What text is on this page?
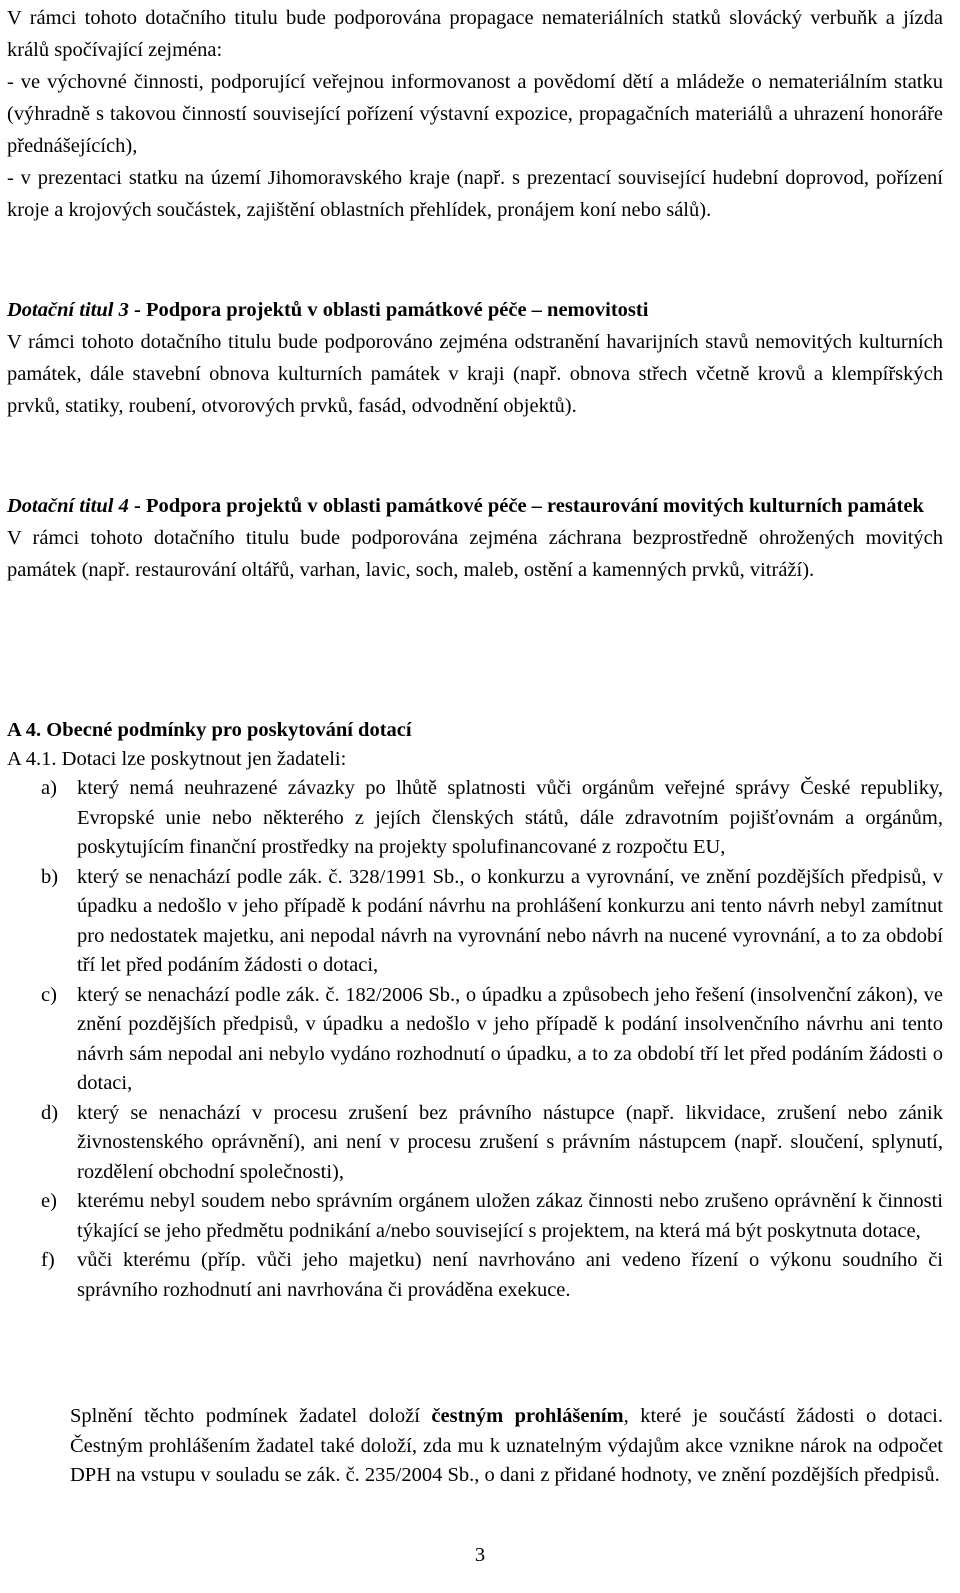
V rámci tohoto dotačního titulu bude podporována propagace nemateriálních statků slovácký verbuňk a jízda králů spočívající zejména:

- ve výchovné činnosti, podporující veřejnou informovanost a povědomí dětí a mládeže o nemateriálním statku (výhradně s takovou činností související pořízení výstavní expozice, propagačních materiálů a uhrazení honoráře přednášejících),

- v prezentaci statku na území Jihomoravského kraje (např. s prezentací související hudební doprovod, pořízení kroje a krojových součástek, zajištění oblastních přehlídek, pronájem koní nebo sálů).

Dotační titul 3 - Podpora projektů v oblasti památkové péče – nemovitosti

V rámci tohoto dotačního titulu bude podporováno zejména odstranění havarijních stavů nemovitých kulturních památek, dále stavební obnova kulturních památek v kraji (např. obnova střech včetně krovů a klempířských prvků, statiky, roubení, otvorových prvků, fasád, odvodnění objektů).

Dotační titul 4 - Podpora projektů v oblasti památkové péče – restaurování movitých kulturních památek

V rámci tohoto dotačního titulu bude podporována zejména záchrana bezprostředně ohrožených movitých památek (např. restaurování oltářů, varhan, lavic, soch, maleb, ostění a kamenných prvků, vitráží).

A 4. Obecné podmínky pro poskytování dotací

A 4.1. Dotaci lze poskytnout jen žadateli:

a) který nemá neuhrazené závazky po lhůtě splatnosti vůči orgánům veřejné správy České republiky, Evropské unie nebo některého z jejích členských států, dále zdravotním pojišťovnám a orgánům, poskytujícím finanční prostředky na projekty spolufinancované z rozpočtu EU,
b) který se nenachází podle zák. č. 328/1991 Sb., o konkurzu a vyrovnání, ve znění pozdějších předpisů, v úpadku a nedošlo v jeho případě k podání návrhu na prohlášení konkurzu ani tento návrh nebyl zamítnut pro nedostatek majetku, ani nepodal návrh na vyrovnání nebo návrh na nucené vyrovnání, a to za období tří let před podáním žádosti o dotaci,
c) který se nenachází podle zák. č. 182/2006 Sb., o úpadku a způsobech jeho řešení (insolvenční zákon), ve znění pozdějších předpisů, v úpadku a nedošlo v jeho případě k podání insolvenčního návrhu ani tento návrh sám nepodal ani nebylo vydáno rozhodnutí o úpadku, a to za období tří let před podáním žádosti o dotaci,
d) který se nenachází v procesu zrušení bez právního nástupce (např. likvidace, zrušení nebo zánik živnostenského oprávnění), ani není v procesu zrušení s právním nástupcem (např. sloučení, splynutí, rozdělení obchodní společnosti),
e) kterému nebyl soudem nebo správním orgánem uložen zákaz činnosti nebo zrušeno oprávnění k činnosti týkající se jeho předmětu podnikání a/nebo související s projektem, na která má být poskytnuta dotace,
f) vůči kterému (příp. vůči jeho majetku) není navrhováno ani vedeno řízení o výkonu soudního či správního rozhodnutí ani navrhována či prováděna exekuce.
Splnění těchto podmínek žadatel doloží čestným prohlášením, které je součástí žádosti o dotaci. Čestným prohlášením žadatel také doloží, zda mu k uznatelným výdajům akce vznikne nárok na odpočet DPH na vstupu v souladu se zák. č. 235/2004 Sb., o dani z přidané hodnoty, ve znění pozdějších předpisů.
3
